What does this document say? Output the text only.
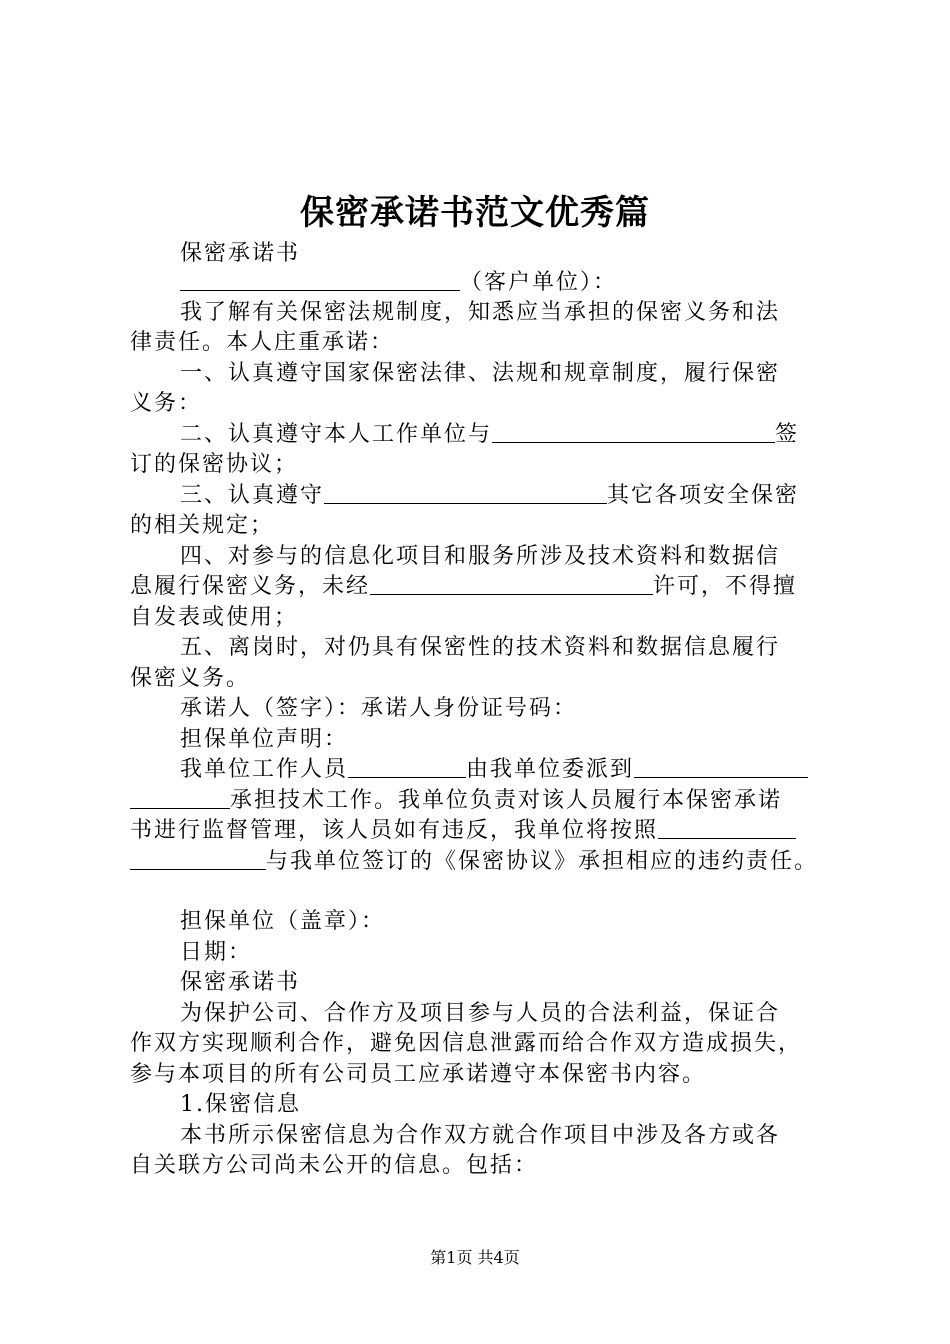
保密承诺书范文优秀篇
保密承诺书
（客户单位）：
我了解有关保密法规制度，知悉应当承担的保密义务和法
律责任。本人庄重承诺：
一、认真遵守国家保密法律、法规和规章制度，履行保密
义务：
二、认真遵守本人工作单位与	签
订的保密协议；
三、认真遵守	其它各项安全保密
的相关规定；
四、对参与的信息化项目和服务所涉及技术资料和数据信
息履行保密义务，未经	许可，不得擅
自发表或使用；
五、离岗时，对仍具有保密性的技术资料和数据信息履行
保密义务。
承诺人（签字）：承诺人身份证号码：
担保单位声明：
我单位工作人员	由我单位委派到
承担技术工作。我单位负责对该人员履行本保密承诺
书进行监督管理，该人员如有违反，我单位将按照
与我单位签订的《保密协议》承担相应的违约责任。
担保单位（盖章）：
日期：
保密承诺书
为保护公司、合作方及项目参与人员的合法利益，保证合
作双方实现顺利合作，避免因信息泄露而给合作双方造成损失，
参与本项目的所有公司员工应承诺遵守本保密书内容。
1.保密信息
本书所示保密信息为合作双方就合作项目中涉及各方或各
自关联方公司尚未公开的信息。包括：
第1页 共4页
